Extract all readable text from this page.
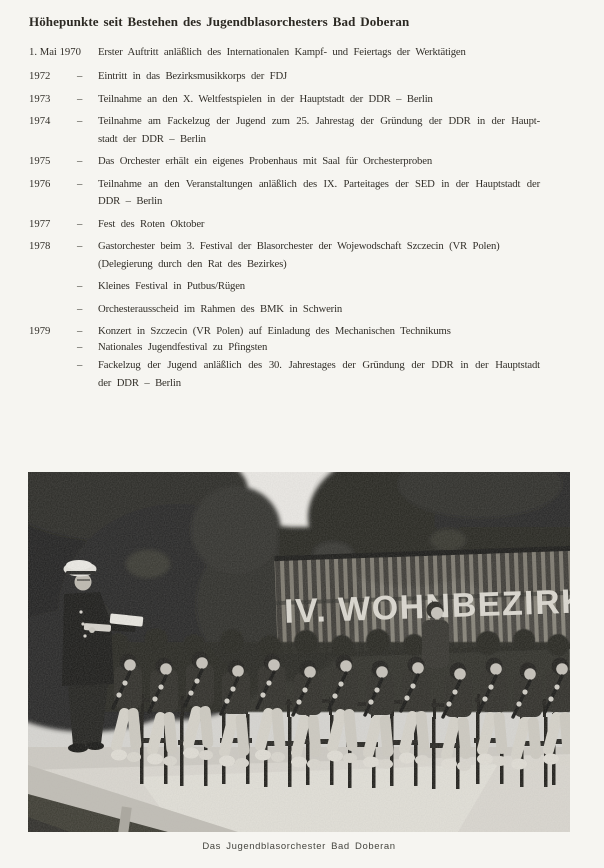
Höhepunkte seit Bestehen des Jugendblasorchesters Bad Doberan
1. Mai 1970 Erster Auftritt anläßlich des Internationalen Kampf- und Feiertags der Werktätigen
1972 – Eintritt in das Bezirksmusikkorps der FDJ
1973 – Teilnahme an den X. Weltfestspielen in der Hauptstadt der DDR – Berlin
1974 – Teilnahme am Fackelzug der Jugend zum 25. Jahrestag der Gründung der DDR in der Haupt-
stadt der DDR – Berlin
1975 – Das Orchester erhält ein eigenes Probenhaus mit Saal für Orchesterproben
1976 – Teilnahme an den Veranstaltungen anläßlich des IX. Parteitages der SED in der Hauptstadt der
DDR – Berlin
1977 – Fest des Roten Oktober
1978 – Gastorchester beim 3. Festival der Blasorchester der Wojewodschaft Szczecin (VR Polen)
(Delegierung durch den Rat des Bezirkes)
– Kleines Festival in Putbus/Rügen
– Orchesterausscheid im Rahmen des BMK in Schwerin
1979 – Konzert in Szczecin (VR Polen) auf Einladung des Mechanischen Technikums
– Nationales Jugendfestival zu Pfingsten
– Fackelzug der Jugend anläßlich des 30. Jahrestages der Gründung der DDR in der Hauptstadt
der DDR – Berlin
Das Jugendblasorchester Bad Doberan
